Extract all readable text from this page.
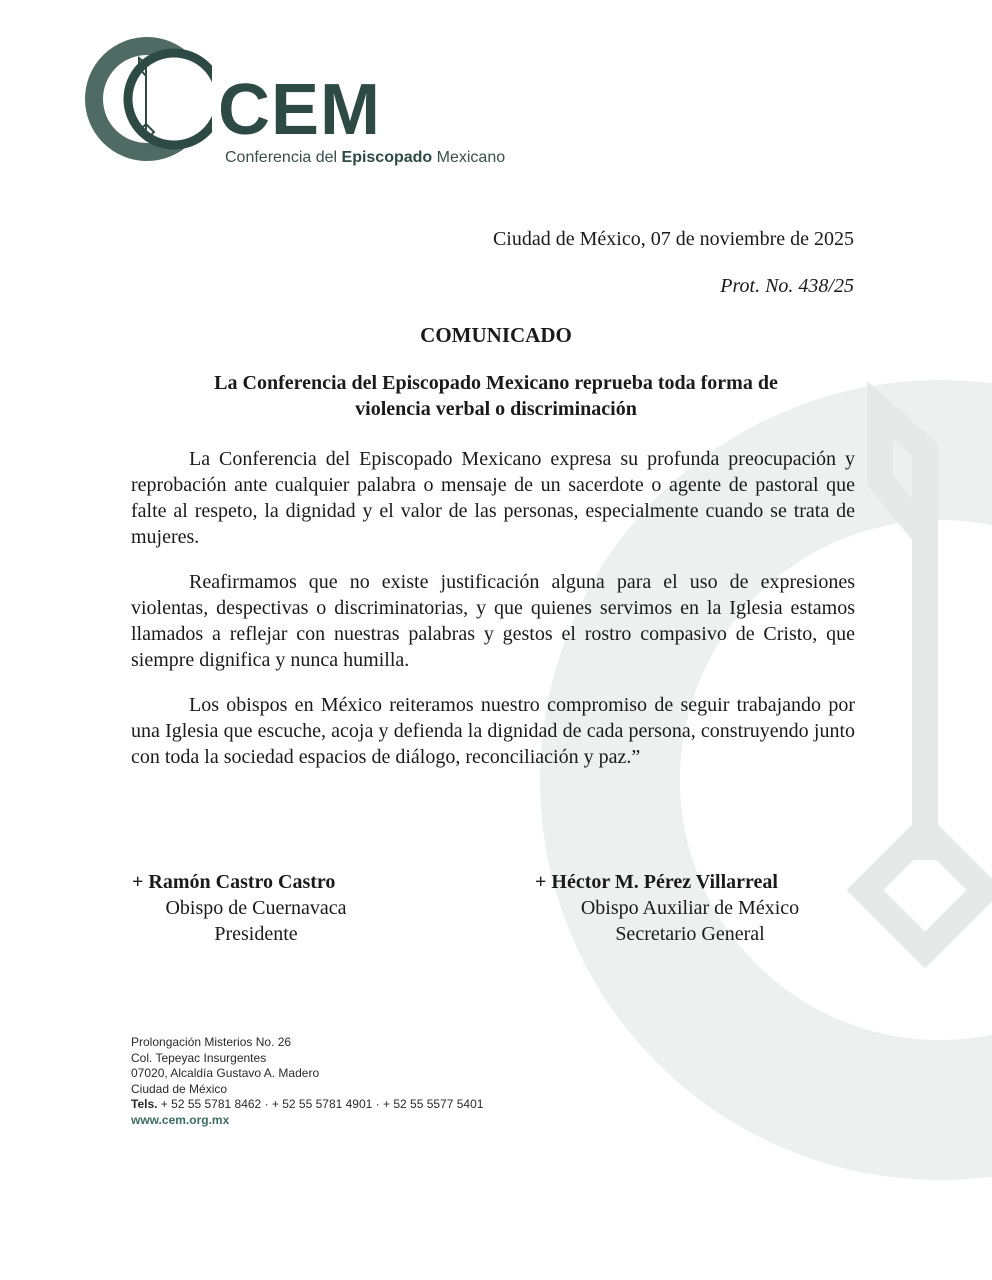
CEM
Conferencia del Episcopado Mexicano
Ciudad de México, 07 de noviembre de 2025
Prot. No. 438/25
COMUNICADO
La Conferencia del Episcopado Mexicano reprueba toda forma de
violencia verbal o discriminación

La Conferencia del Episcopado Mexicano expresa su profunda preocupación y reprobación ante cualquier palabra o mensaje de un sacerdote o agente de pastoral que falte al respeto, la dignidad y el valor de las personas, especialmente cuando se trata de mujeres.

Reafirmamos que no existe justificación alguna para el uso de expresiones violentas, despectivas o discriminatorias, y que quienes servimos en la Iglesia estamos llamados a reflejar con nuestras palabras y gestos el rostro compasivo de Cristo, que siempre dignifica y nunca humilla.

Los obispos en México reiteramos nuestro compromiso de seguir trabajando por una Iglesia que escuche, acoja y defienda la dignidad de cada persona, construyendo junto con toda la sociedad espacios de diálogo, reconciliación y paz.”

+ Ramón Castro Castro
Obispo de Cuernavaca
Presidente
+ Héctor M. Pérez Villarreal
Obispo Auxiliar de México
Secretario General
Prolongación Misterios No. 26
Col. Tepeyac Insurgentes
07020, Alcaldía Gustavo A. Madero
Ciudad de México
Tels. + 52 55 5781 8462 · + 52 55 5781 4901 · + 52 55 5577 5401
www.cem.org.mx
